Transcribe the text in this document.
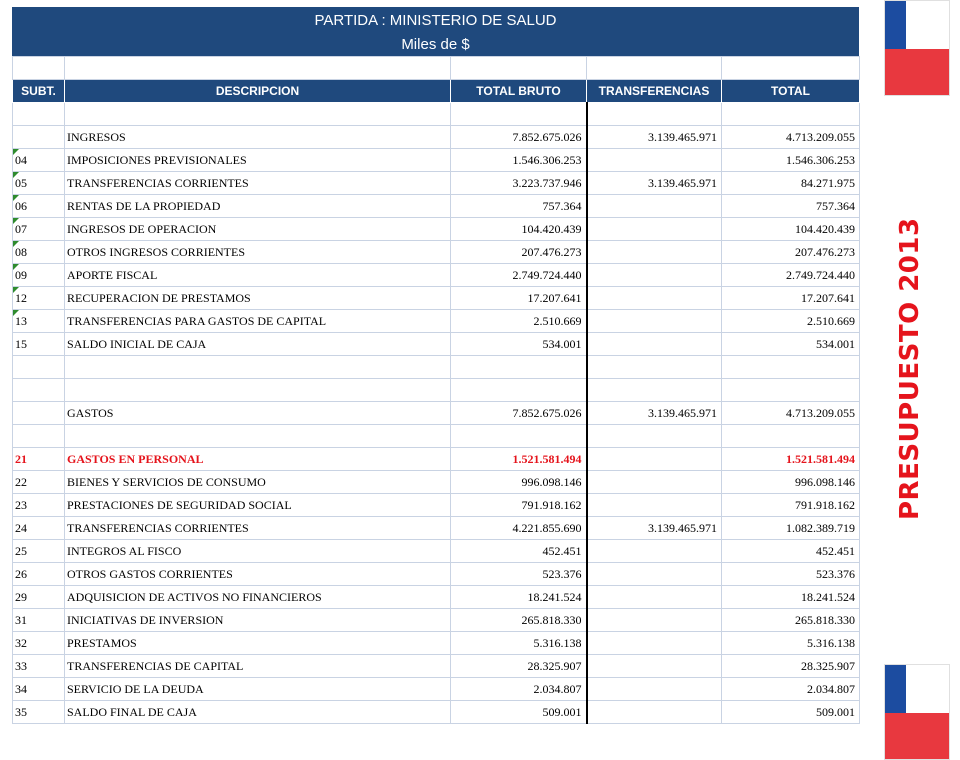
PARTIDA : MINISTERIO DE SALUD
Miles de $

SUBT.	DESCRIPCION	TOTAL BRUTO	TRANSFERENCIAS	TOTAL

	INGRESOS	7.852.675.026	3.139.465.971	4.713.209.055

04	IMPOSICIONES PREVISIONALES	1.546.306.253		1.546.306.253

05	TRANSFERENCIAS CORRIENTES	3.223.737.946	3.139.465.971	84.271.975

06	RENTAS DE LA PROPIEDAD	757.364		757.364

07	INGRESOS DE OPERACION	104.420.439		104.420.439

08	OTROS INGRESOS CORRIENTES	207.476.273		207.476.273

09	APORTE FISCAL	2.749.724.440		2.749.724.440

12	RECUPERACION DE PRESTAMOS	17.207.641		17.207.641

13	TRANSFERENCIAS PARA GASTOS DE CAPITAL	2.510.669		2.510.669
15	SALDO INICIAL DE CAJA	534.001		534.001

	GASTOS	7.852.675.026	3.139.465.971	4.713.209.055

21	GASTOS EN PERSONAL	1.521.581.494		1.521.581.494
22	BIENES Y SERVICIOS DE CONSUMO	996.098.146		996.098.146
23	PRESTACIONES DE SEGURIDAD SOCIAL	791.918.162		791.918.162
24	TRANSFERENCIAS CORRIENTES	4.221.855.690	3.139.465.971	1.082.389.719
25	INTEGROS AL FISCO	452.451		452.451
26	OTROS GASTOS CORRIENTES	523.376		523.376
29	ADQUISICION DE ACTIVOS NO FINANCIEROS	18.241.524		18.241.524
31	INICIATIVAS DE INVERSION	265.818.330		265.818.330
32	PRESTAMOS	5.316.138		5.316.138
33	TRANSFERENCIAS DE CAPITAL	28.325.907		28.325.907
34	SERVICIO DE LA DEUDA	2.034.807		2.034.807
35	SALDO FINAL DE CAJA	509.001		509.001
PRESUPUESTO 2013
